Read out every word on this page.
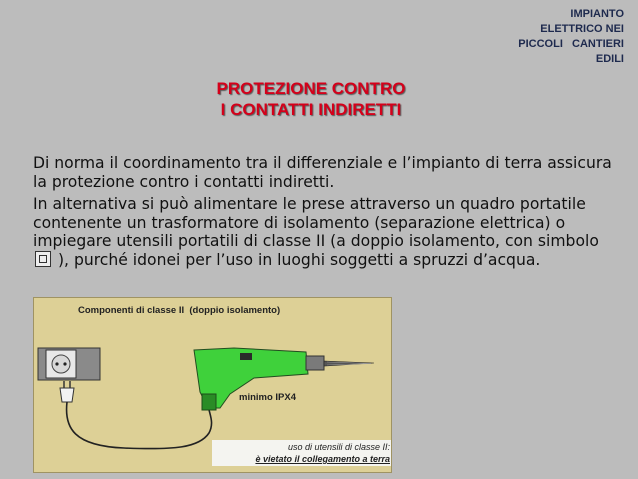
IMPIANTO
ELETTRICO NEI
PICCOLI   CANTIERI
EDILI
PROTEZIONE CONTRO
I CONTATTI INDIRETTI

Di norma il coordinamento tra il differenziale e l’impianto di terra assicura la protezione contro i contatti indiretti.

In alternativa si può alimentare le prese attraverso un quadro portatile contenente un trasformatore di isolamento (separazione elettrica) o impiegare utensili portatili di classe II (a doppio isolamento, con simbolo  ), purché idonei per l’uso in luoghi soggetti a spruzzi d’acqua.

Componenti di classe II  (doppio isolamento)
minimo IPX4
uso di utensili di classe II:
è vietato il collegamento a terra
